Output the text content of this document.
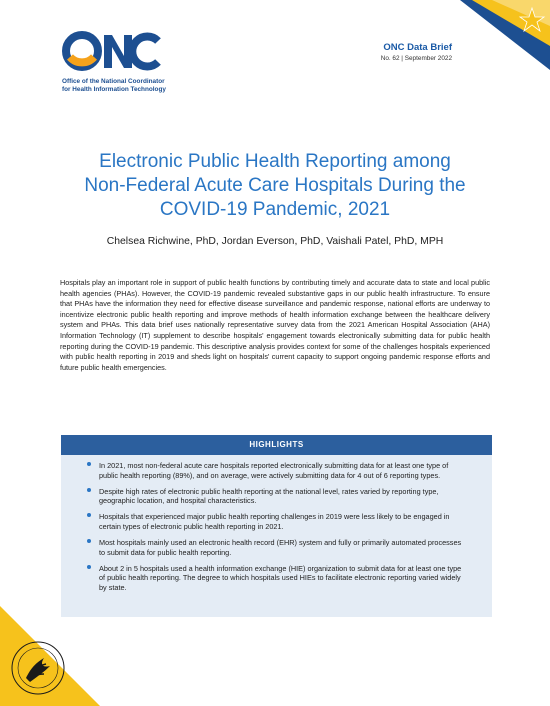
Office of the National Coordinator
for Health Information Technology
ONC Data Brief
No. 62 | September 2022
Electronic Public Health Reporting among
Non-Federal Acute Care Hospitals During the
COVID-19 Pandemic, 2021
Chelsea Richwine, PhD, Jordan Everson, PhD, Vaishali Patel, PhD, MPH
Hospitals play an important role in support of public health functions by contributing timely and accurate data to state and local public health agencies (PHAs). However, the COVID-19 pandemic revealed substantive gaps in our public health infrastructure. To ensure that PHAs have the information they need for effective disease surveillance and pandemic response, national efforts are underway to incentivize electronic public health reporting and improve methods of health information exchange between the healthcare delivery system and PHAs. This data brief uses nationally representative survey data from the 2021 American Hospital Association (AHA) Information Technology (IT) supplement to describe hospitals' engagement towards electronically submitting data for public health reporting during the COVID-19 pandemic. This descriptive analysis provides context for some of the challenges hospitals experienced with public health reporting in 2019 and sheds light on hospitals' current capacity to support ongoing pandemic response efforts and future public health emergencies.
HIGHLIGHTS
In 2021, most non-federal acute care hospitals reported electronically submitting data for at least one type of public health reporting (89%), and on average, were actively submitting data for 4 out of 6 reporting types.
Despite high rates of electronic public health reporting at the national level, rates varied by reporting type, geographic location, and hospital characteristics.
Hospitals that experienced major public health reporting challenges in 2019 were less likely to be engaged in certain types of electronic public health reporting in 2021.
Most hospitals mainly used an electronic health record (EHR) system and fully or primarily automated processes to submit data for public health reporting.
About 2 in 5 hospitals used a health information exchange (HIE) organization to submit data for at least one type of public health reporting. The degree to which hospitals used HIEs to facilitate electronic reporting varied widely by state.
